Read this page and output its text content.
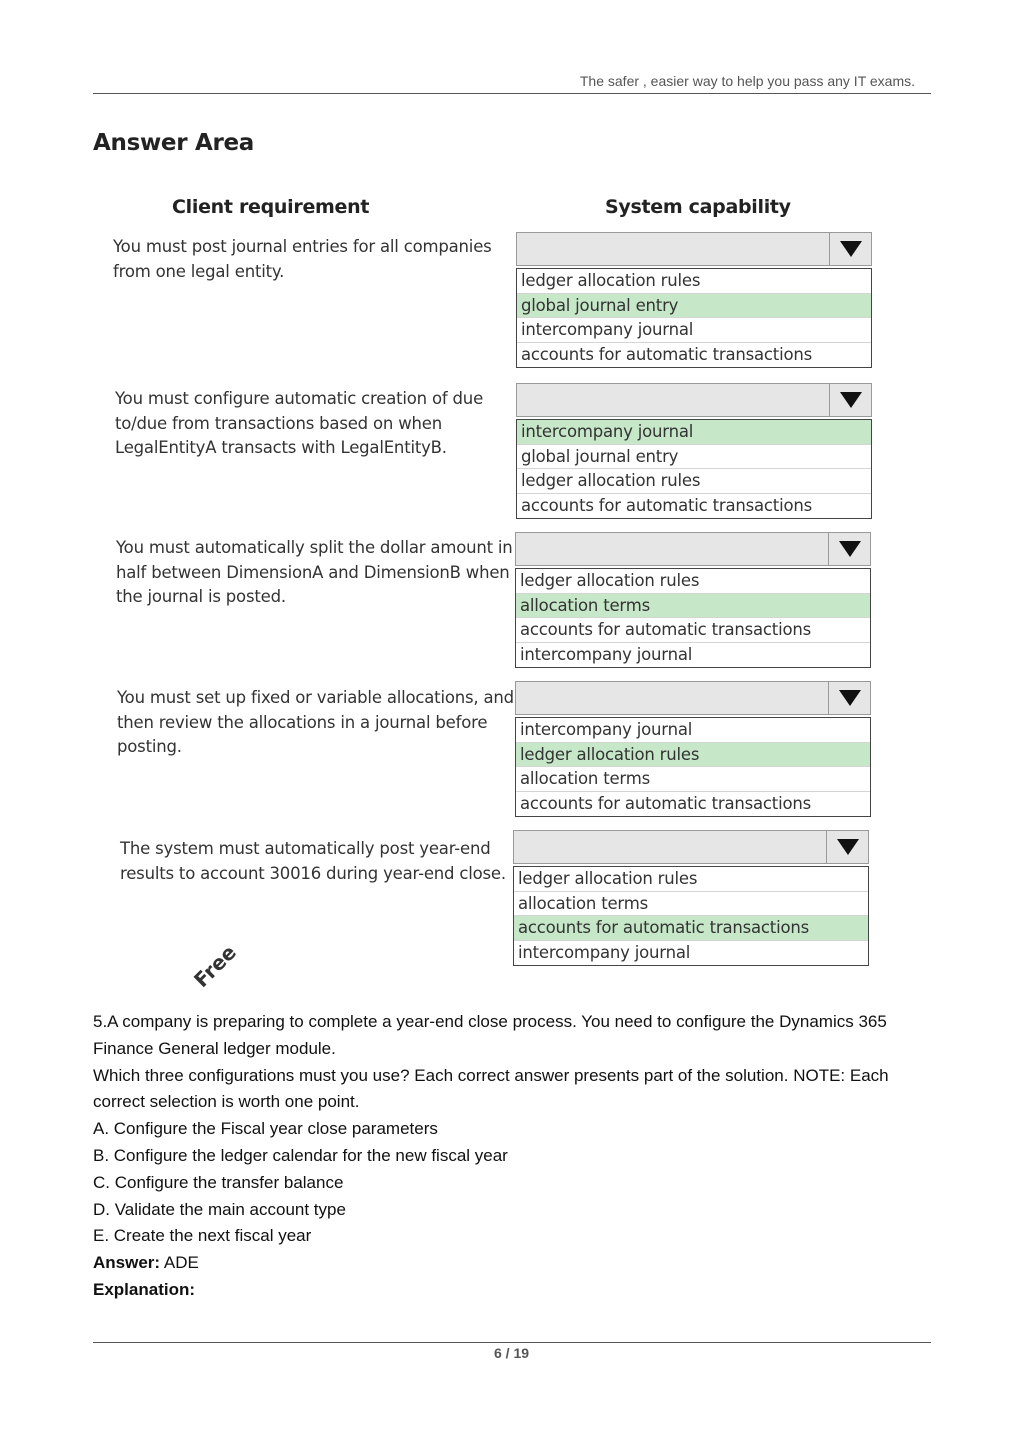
The safer , easier way to help you pass any IT exams.
Answer Area
Client requirement	System capability
You must post journal entries for all companies from one legal entity.	ledger allocation rules
global journal entry
intercompany journal
accounts for automatic transactions
You must configure automatic creation of due to/due from transactions based on when LegalEntityA transacts with LegalEntityB.
intercompany journal
global journal entry
ledger allocation rules
accounts for automatic transactions
You must automatically split the dollar amount in half between DimensionA and DimensionB when the journal is posted.
ledger allocation rules
allocation terms
accounts for automatic transactions
intercompany journal
You must set up fixed or variable allocations, and then review the allocations in a journal before posting.
intercompany journal
ledger allocation rules
allocation terms
accounts for automatic transactions
The system must automatically post year-end results to account 30016 during year-end close. ledger allocation rules
allocation terms
accounts for automatic transactions
intercompany journal
Free

5.A company is preparing to complete a year-end close process. You need to configure the Dynamics 365 Finance General ledger module.

Which three configurations must you use? Each correct answer presents part of the solution. NOTE: Each correct selection is worth one point.

A. Configure the Fiscal year close parameters

B. Configure the ledger calendar for the new fiscal year

C. Configure the transfer balance

D. Validate the main account type

E. Create the next fiscal year

Answer: ADE

Explanation:

6 / 19
